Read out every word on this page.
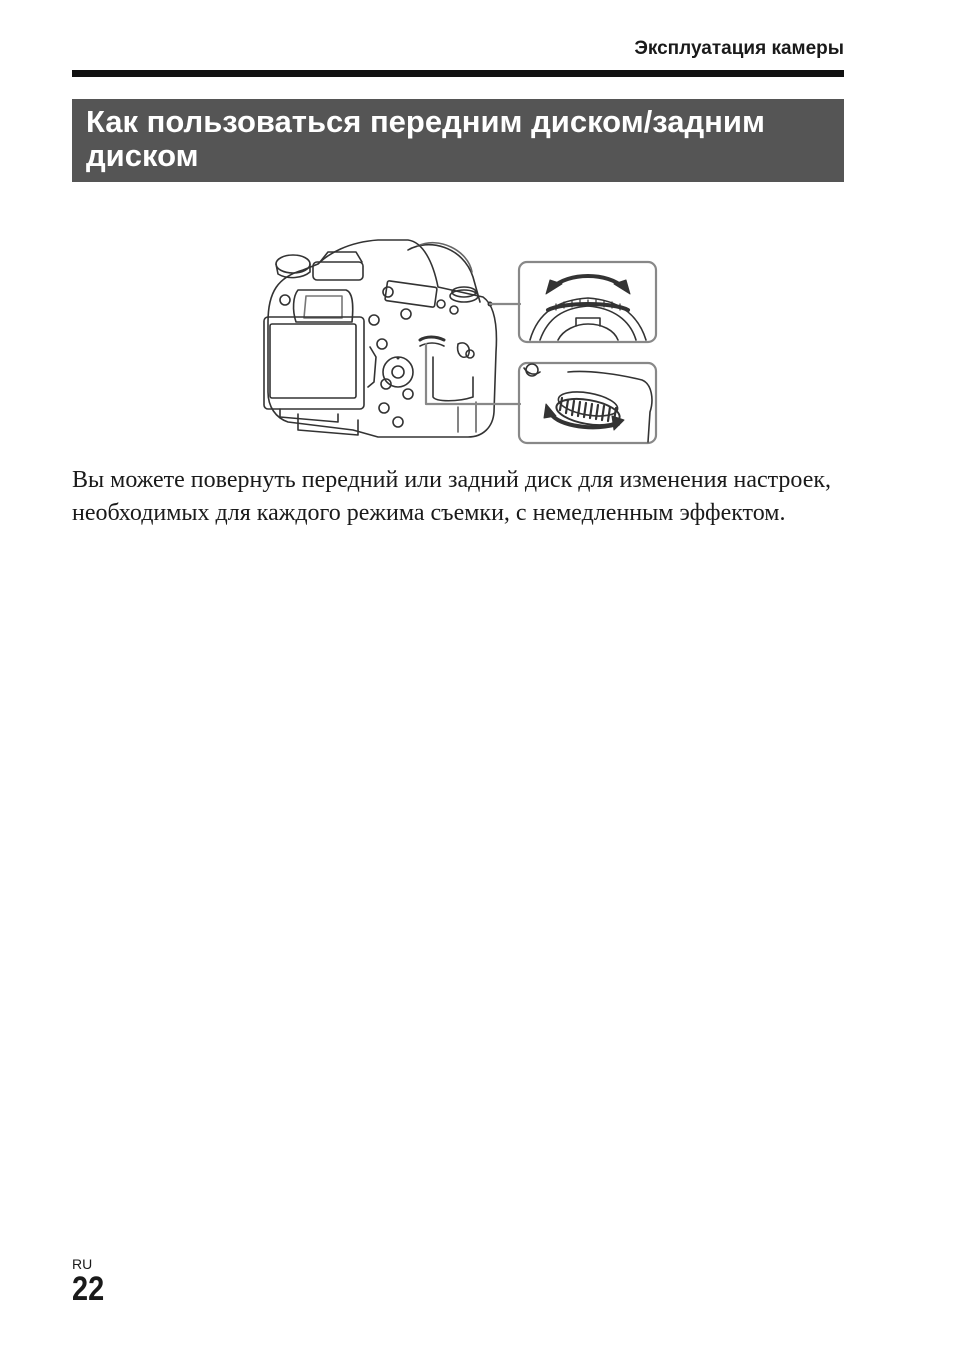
Эксплуатация камеры
Как пользоваться передним диском/задним диском

Вы можете повернуть передний или задний диск для изменения настроек, необходимых для каждого режима съемки, с немедленным эффектом.

RU
22
